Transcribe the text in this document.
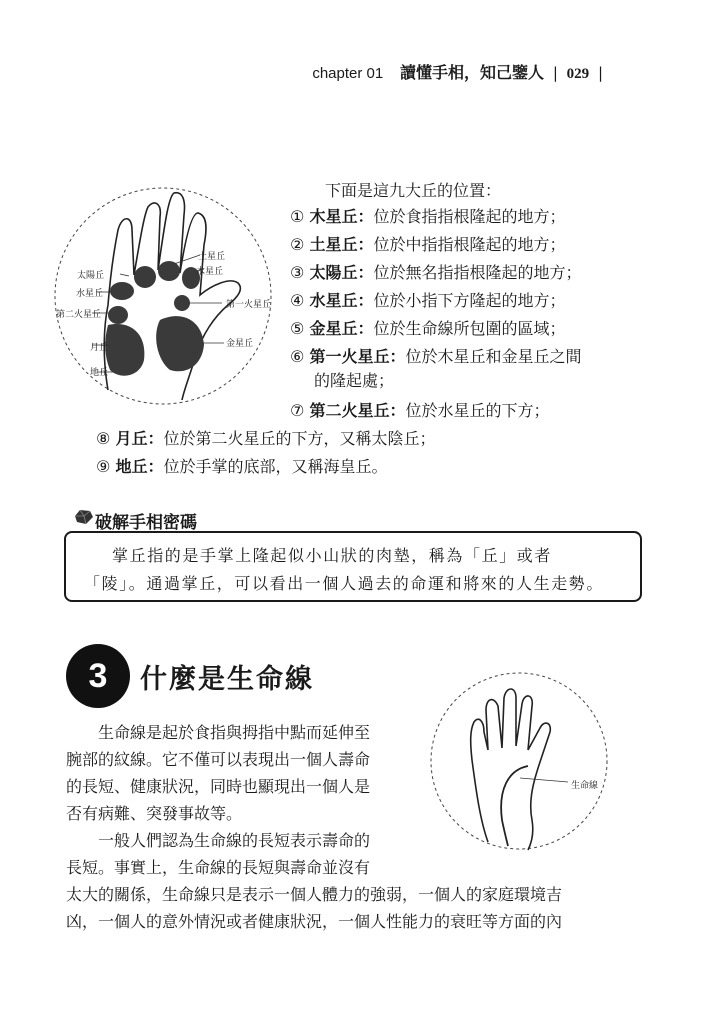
chapter 01 讀懂手相，知己鑒人 | 029 |
土星丘
木星丘
太陽丘
水星丘
第一火星丘
第二火星丘
金星丘
月丘
地丘
下面是這九大丘的位置：
① 木星丘：位於食指指根隆起的地方；
② 土星丘：位於中指指根隆起的地方；
③ 太陽丘：位於無名指指根隆起的地方；
④ 水星丘：位於小指下方隆起的地方；
⑤ 金星丘：位於生命線所包圍的區域；
⑥ 第一火星丘：位於木星丘和金星丘之間
的隆起處；
⑦ 第二火星丘：位於水星丘的下方；
⑧ 月丘：位於第二火星丘的下方，又稱太陰丘；
⑨ 地丘：位於手掌的底部，又稱海皇丘。
破解手相密碼
掌丘指的是手掌上隆起似小山狀的肉墊，稱為「丘」或者
「陵」。通過掌丘，可以看出一個人過去的命運和將來的人生走勢。
3	什麼是生命線
生命線
生命線是起於食指與拇指中點而延伸至
腕部的紋線。它不僅可以表現出一個人壽命
的長短、健康狀況，同時也顯現出一個人是
否有病難、突發事故等。
一般人們認為生命線的長短表示壽命的
長短。事實上，生命線的長短與壽命並沒有
太大的關係，生命線只是表示一個人體力的強弱，一個人的家庭環境吉
凶，一個人的意外情況或者健康狀況，一個人性能力的衰旺等方面的內
